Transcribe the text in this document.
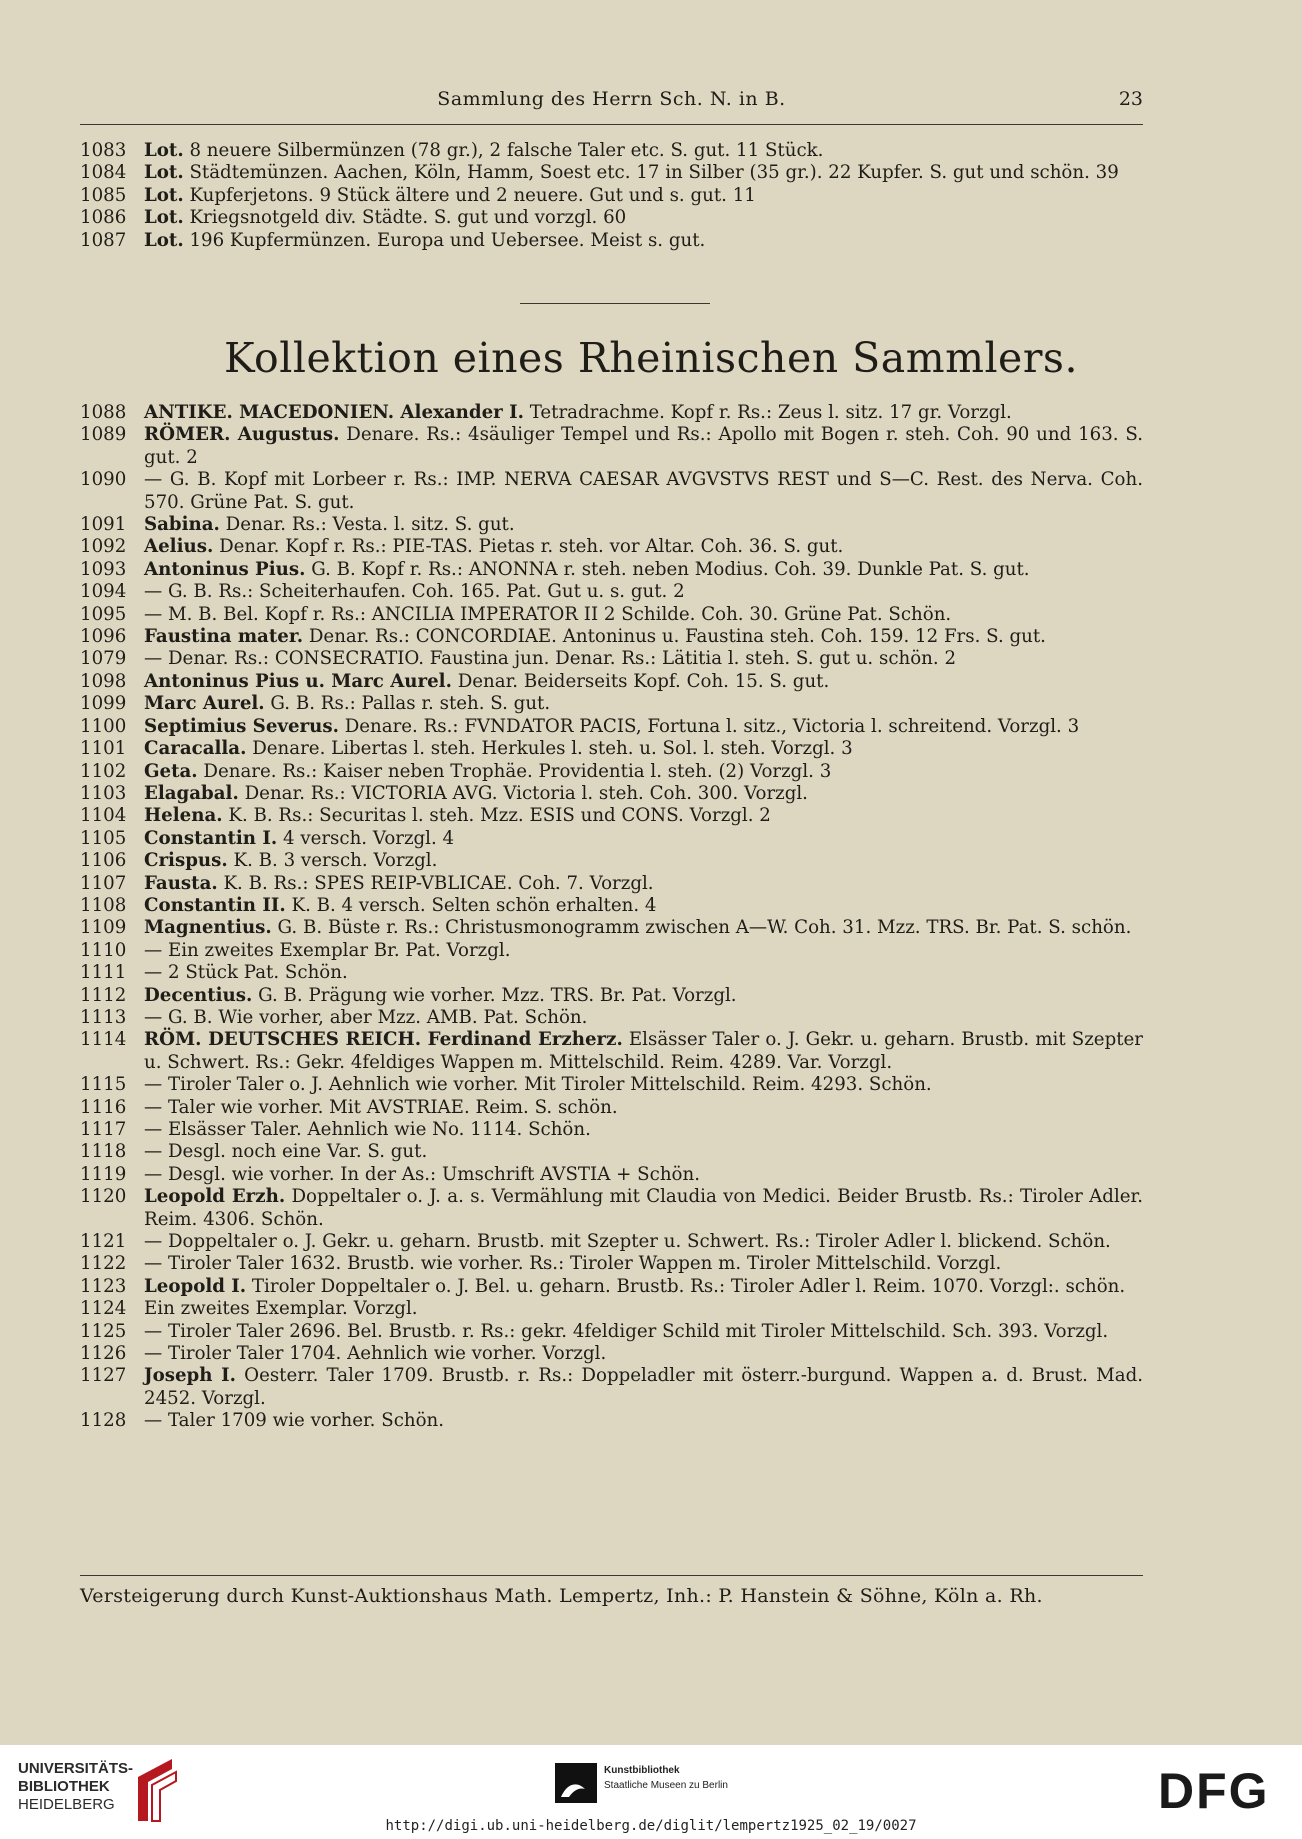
Sammlung des Herrn Sch. N. in B.	23
1083 Lot. 8 neuere Silbermünzen (78 gr.), 2 falsche Taler etc. S. gut. 11 Stück.
1084 Lot. Städtemünzen. Aachen, Köln, Hamm, Soest etc. 17 in Silber (35 gr.). 22 Kupfer. S. gut und schön. 39
1085 Lot. Kupferjetons. 9 Stück ältere und 2 neuere. Gut und s. gut. 11
1086 Lot. Kriegsnotgeld div. Städte. S. gut und vorzgl. 60
1087 Lot. 196 Kupfermünzen. Europa und Uebersee. Meist s. gut.
Kollektion eines Rheinischen Sammlers.
1088 ANTIKE. MACEDONIEN. Alexander I. Tetradrachme. Kopf r. Rs.: Zeus l. sitz. 17 gr. Vorzgl.
1089 RÖMER. Augustus. Denare. Rs.: 4säuliger Tempel und Rs.: Apollo mit Bogen r. steh. Coh. 90 und 163. S. gut. 2
1090 — G. B. Kopf mit Lorbeer r. Rs.: IMP. NERVA CAESAR AVGVSTVS REST und S—C. Rest. des Nerva. Coh. 570. Grüne Pat. S. gut.
1091 Sabina. Denar. Rs.: Vesta. l. sitz. S. gut.
1092 Aelius. Denar. Kopf r. Rs.: PIE-TAS. Pietas r. steh. vor Altar. Coh. 36. S. gut.
1093 Antoninus Pius. G. B. Kopf r. Rs.: ANONNA r. steh. neben Modius. Coh. 39. Dunkle Pat. S. gut.
1094 — G. B. Rs.: Scheiterhaufen. Coh. 165. Pat. Gut u. s. gut. 2
1095 — M. B. Bel. Kopf r. Rs.: ANCILIA IMPERATOR II 2 Schilde. Coh. 30. Grüne Pat. Schön.
1096 Faustina mater. Denar. Rs.: CONCORDIAE. Antoninus u. Faustina steh. Coh. 159. 12 Frs. S. gut.
1079 — Denar. Rs.: CONSECRATIO. Faustina jun. Denar. Rs.: Lätitia l. steh. S. gut u. schön. 2
1098 Antoninus Pius u. Marc Aurel. Denar. Beiderseits Kopf. Coh. 15. S. gut.
1099 Marc Aurel. G. B. Rs.: Pallas r. steh. S. gut.
1100 Septimius Severus. Denare. Rs.: FVNDATOR PACIS, Fortuna l. sitz., Victoria l. schreitend. Vorzgl. 3
1101 Caracalla. Denare. Libertas l. steh. Herkules l. steh. u. Sol. l. steh. Vorzgl. 3
1102 Geta. Denare. Rs.: Kaiser neben Trophäe. Providentia l. steh. (2) Vorzgl. 3
1103 Elagabal. Denar. Rs.: VICTORIA AVG. Victoria l. steh. Coh. 300. Vorzgl.
1104 Helena. K. B. Rs.: Securitas l. steh. Mzz. ESIS und CONS. Vorzgl. 2
1105 Constantin I. 4 versch. Vorzgl. 4
1106 Crispus. K. B. 3 versch. Vorzgl.
1107 Fausta. K. B. Rs.: SPES REIP-VBLICAE. Coh. 7. Vorzgl.
1108 Constantin II. K. B. 4 versch. Selten schön erhalten. 4
1109 Magnentius. G. B. Büste r. Rs.: Christusmonogramm zwischen A—W. Coh. 31. Mzz. TRS. Br. Pat. S. schön.
1110 — Ein zweites Exemplar Br. Pat. Vorzgl.
1111 — 2 Stück Pat. Schön.
1112 Decentius. G. B. Prägung wie vorher. Mzz. TRS. Br. Pat. Vorzgl.
1113 — G. B. Wie vorher, aber Mzz. AMB. Pat. Schön.
1114 RÖM. DEUTSCHES REICH. Ferdinand Erzherz. Elsässer Taler o. J. Gekr. u. geharn. Brustb. mit Szepter u. Schwert. Rs.: Gekr. 4feldiges Wappen m. Mittelschild. Reim. 4289. Var. Vorzgl.
1115 — Tiroler Taler o. J. Aehnlich wie vorher. Mit Tiroler Mittelschild. Reim. 4293. Schön.
1116 — Taler wie vorher. Mit AVSTRIAE. Reim. S. schön.
1117 — Elsässer Taler. Aehnlich wie No. 1114. Schön.
1118 — Desgl. noch eine Var. S. gut.
1119 — Desgl. wie vorher. In der As.: Umschrift AVSTIA + Schön.
1120 Leopold Erzh. Doppeltaler o. J. a. s. Vermählung mit Claudia von Medici. Beider Brustb. Rs.: Tiroler Adler. Reim. 4306. Schön.
1121 — Doppeltaler o. J. Gekr. u. geharn. Brustb. mit Szepter u. Schwert. Rs.: Tiroler Adler l. blickend. Schön.
1122 — Tiroler Taler 1632. Brustb. wie vorher. Rs.: Tiroler Wappen m. Tiroler Mittelschild. Vorzgl.
1123 Leopold I. Tiroler Doppeltaler o. J. Bel. u. geharn. Brustb. Rs.: Tiroler Adler l. Reim. 1070. Vorzgl:. schön.
1124 Ein zweites Exemplar. Vorzgl.
1125 — Tiroler Taler 2696. Bel. Brustb. r. Rs.: gekr. 4feldiger Schild mit Tiroler Mittelschild. Sch. 393. Vorzgl.
1126 — Tiroler Taler 1704. Aehnlich wie vorher. Vorzgl.
1127 Joseph I. Oesterr. Taler 1709. Brustb. r. Rs.: Doppeladler mit österr.-burgund. Wappen a. d. Brust. Mad. 2452. Vorzgl.
1128 — Taler 1709 wie vorher. Schön.
Versteigerung durch Kunst-Auktionshaus Math. Lempertz, Inh.: P. Hanstein & Söhne, Köln a. Rh.
UNIVERSITÄTS-
BIBLIOTHEK
HEIDELBERG
Kunstbibliothek
Staatliche Museen zu Berlin	DFG
http://digi.ub.uni-heidelberg.de/diglit/lempertz1925_02_19/0027
